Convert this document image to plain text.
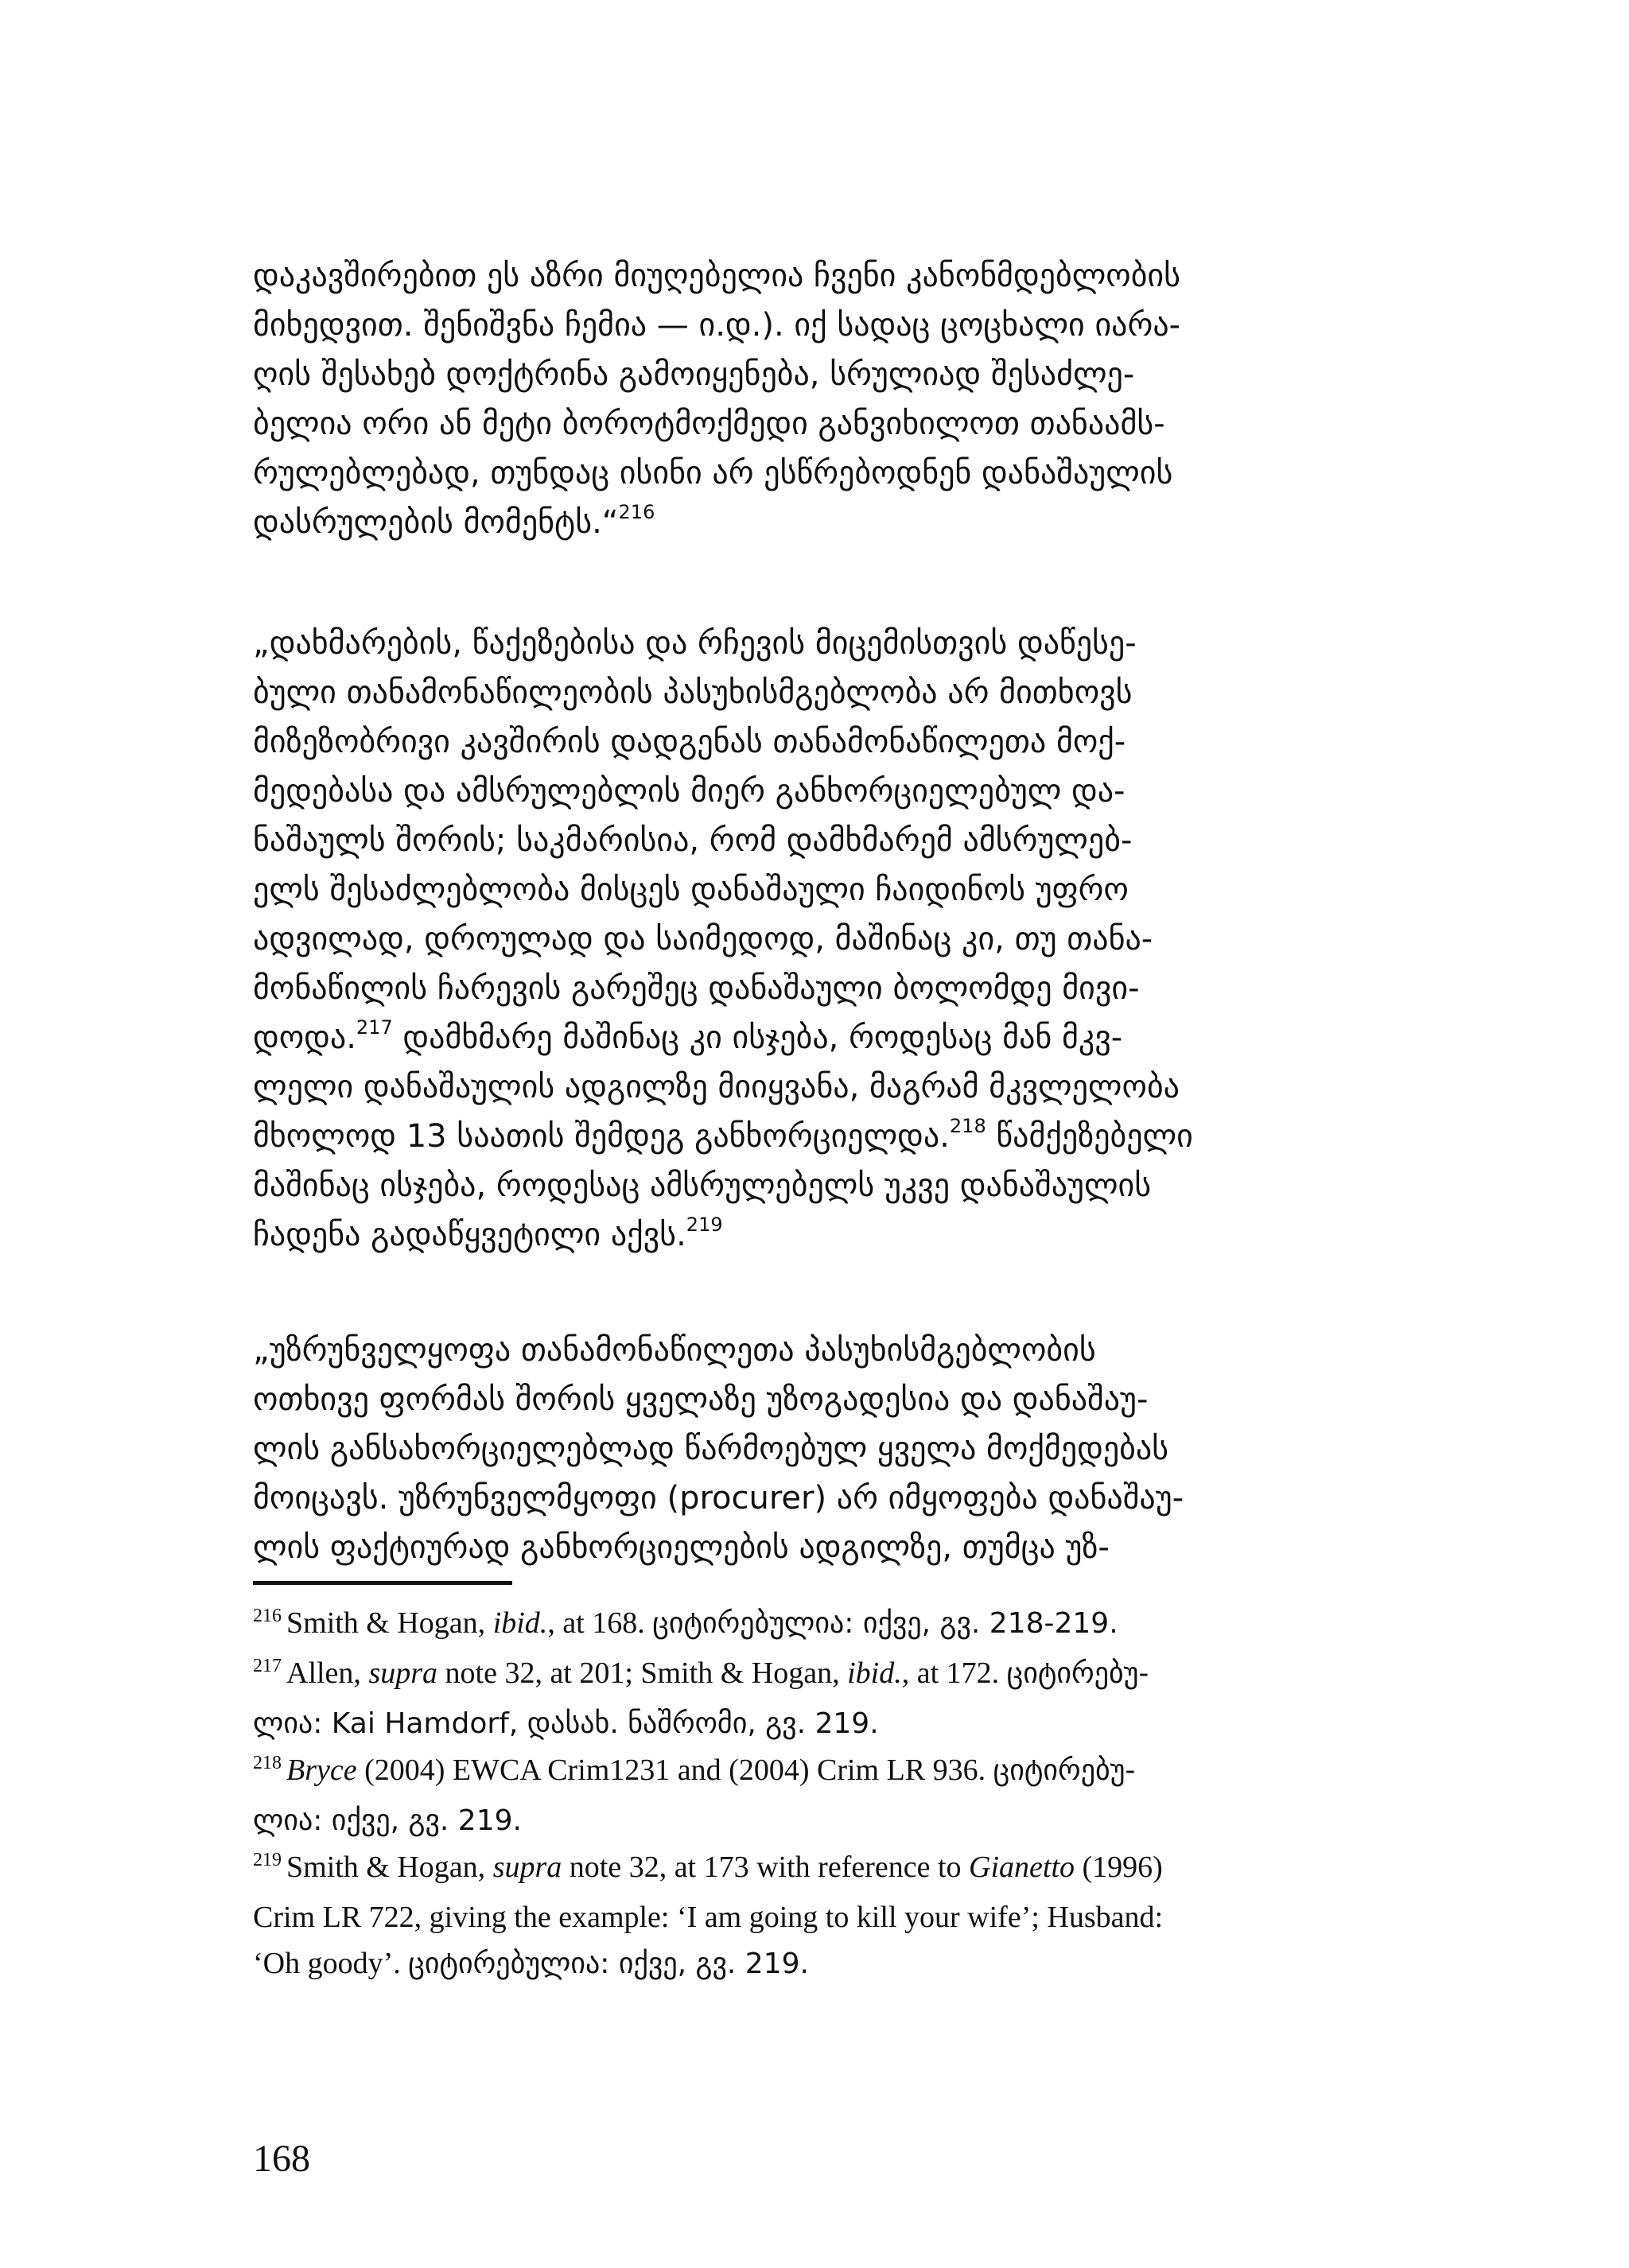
დაკავშირებით ეს აზრი მიუღებელია ჩვენი კანონმდებლობის
მიხედვით. შენიშვნა ჩემია — ი.დ.). იქ სადაც ცოცხალი იარა-
ღის შესახებ დოქტრინა გამოიყენება, სრულიად შესაძლე-
ბელია ორი ან მეტი ბოროტმოქმედი განვიხილოთ თანაამს-
რულებლებად, თუნდაც ისინი არ ესწრებოდნენ დანაშაულის
დასრულების მომენტს.“$^{216}$

„დახმარების, წაქეზებისა და რჩევის მიცემისთვის დაწესე-
ბული თანამონაწილეობის პასუხისმგებლობა არ მითხოვს
მიზეზობრივი კავშირის დადგენას თანამონაწილეთა მოქ-
მედებასა და ამსრულებლის მიერ განხორციელებულ და-
ნაშაულს შორის; საკმარისია, რომ დამხმარემ ამსრულებ-
ელს შესაძლებლობა მისცეს დანაშაული ჩაიდინოს უფრო
ადვილად, დროულად და საიმედოდ, მაშინაც კი, თუ თანა-
მონაწილის ჩარევის გარეშეც დანაშაული ბოლომდე მივი-
დოდა.$^{217}$ დამხმარე მაშინაც კი ისჯება, როდესაც მან მკვ-
ლელი დანაშაულის ადგილზე მიიყვანა, მაგრამ მკვლელობა
მხოლოდ 13 საათის შემდეგ განხორციელდა.$^{218}$ წამქეზებელი
მაშინაც ისჯება, როდესაც ამსრულებელს უკვე დანაშაულის
ჩადენა გადაწყვეტილი აქვს.$^{219}$

„უზრუნველყოფა თანამონაწილეთა პასუხისმგებლობის
ოთხივე ფორმას შორის ყველაზე უზოგადესია და დანაშაუ-
ლის განსახორციელებლად წარმოებულ ყველა მოქმედებას
მოიცავს. უზრუნველმყოფი (procurer) არ იმყოფება დანაშაუ-
ლის ფაქტიურად განხორციელების ადგილზე, თუმცა უზ-

$^{216}$ Smith & Hogan, ibid., at 168. ციტირებულია: იქვე, გვ. 218-219.

$^{217}$ Allen, supra note 32, at 201; Smith & Hogan, ibid., at 172. ციტირებუ-
ლია: Kai Hamdorf, დასახ. ნაშრომი, გვ. 219.

$^{218}$ Bryce (2004) EWCA Crim1231 and (2004) Crim LR 936. ციტირებუ-
ლია: იქვე, გვ. 219.

$^{219}$ Smith & Hogan, supra note 32, at 173 with reference to Gianetto (1996)
Crim LR 722, giving the example: ‘I am going to kill your wife’; Husband:
‘Oh goody’. ციტირებულია: იქვე, გვ. 219.

168
